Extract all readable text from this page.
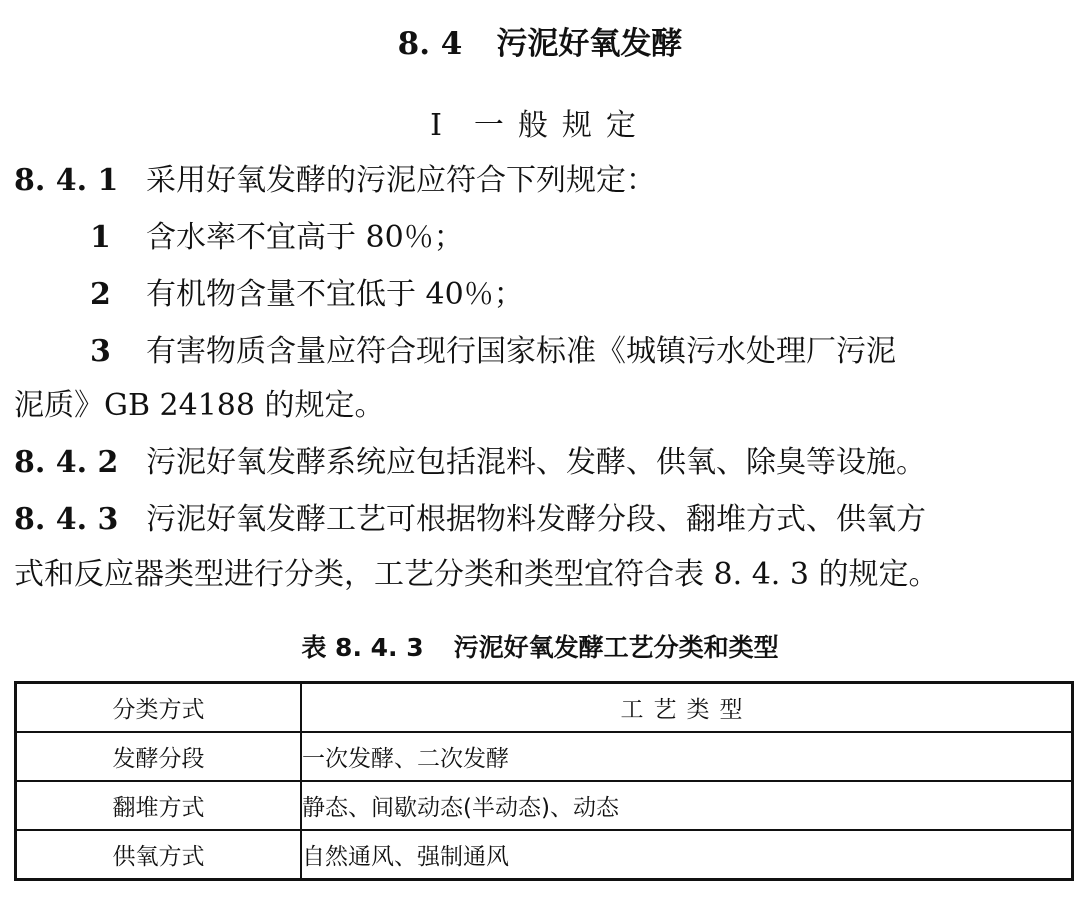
8. 4 污泥好氧发酵
Ⅰ 一般规定
8. 4. 1 采用好氧发酵的污泥应符合下列规定：
1 含水率不宜高于 80％；
2 有机物含量不宜低于 40％；
3 有害物质含量应符合现行国家标准《城镇污水处理厂污泥
泥质》GB 24188 的规定。
8. 4. 2 污泥好氧发酵系统应包括混料、发酵、供氧、除臭等设施。
8. 4. 3 污泥好氧发酵工艺可根据物料发酵分段、翻堆方式、供氧方
式和反应器类型进行分类，工艺分类和类型宜符合表 8. 4. 3 的规定。
表 8. 4. 3 污泥好氧发酵工艺分类和类型
分类方式	工艺类型
发酵分段	一次发酵、二次发酵
翻堆方式	静态、间歇动态(半动态)、动态
供氧方式	自然通风、强制通风
